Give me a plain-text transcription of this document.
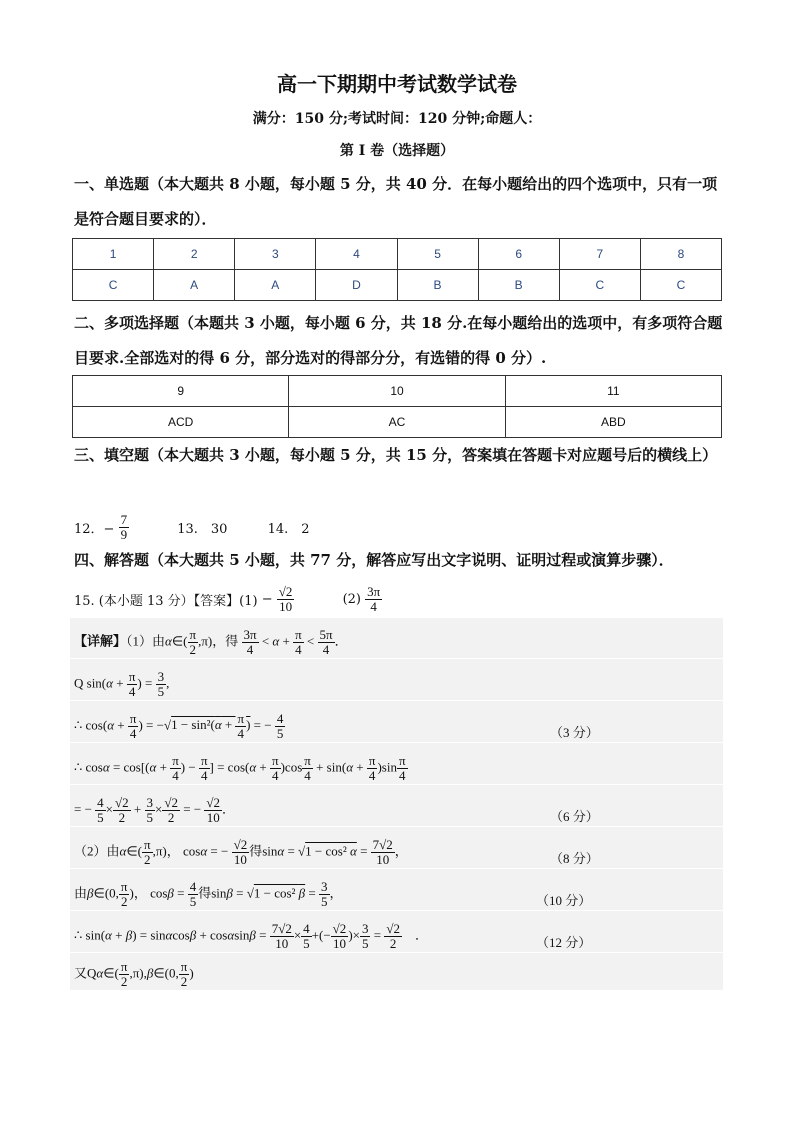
高一下期期中考试数学试卷
满分：150 分;考试时间：120 分钟;命题人：
第 I 卷（选择题）
一、单选题（本大题共 8 小题，每小题 5 分，共 40 分．在每小题给出的四个选项中，只有一项是符合题目要求的）．
1	2	3	4	5	6	7	8
C	A	A	D	B	B	C	C
二、多项选择题（本题共 3 小题，每小题 6 分，共 18 分.在每小题给出的选项中，有多项符合题目要求.全部选对的得 6 分，部分选对的得部分分，有选错的得 0 分）.
9	10	11
ACD	AC	ABD
三、填空题（本大题共 3 小题，每小题 5 分，共 15 分，答案填在答题卡对应题号后的横线上）
12．− $\frac{7}{9}$	13.　30	14.　2
四、解答题（本大题共 5 小题，共 77 分，解答应写出文字说明、证明过程或演算步骤）．
15. (本小题 13 分）【答案】$(1) - \frac{√2}{10}$	$(2) \frac{3\pi}{4}$
【详解】（1）由α∈( $\frac{\pi}{2} ,\pi$)，得 $\frac{3\pi}{4} < \alpha + \frac{\pi}{4} < \frac{5\pi}{4}$ ．
Q $\sin(\alpha + \frac{\pi}{4}$ ) = $\frac{3}{5}$ ,
∴ $\cos(\alpha + \frac{\pi}{4}$ ) = $-√1 - \sin^2(\alpha + \frac{\pi}{4}$ ) = − $\frac{4}{5}$	（3 分）
∴ $\cos\alpha = \cos[(\alpha + \frac{\pi}{4}$ ) − $\frac{\pi}{4}$ ] = $\cos(\alpha + \frac{\pi}{4} )\cos \frac{\pi}{4} + \sin(\alpha + \frac{\pi}{4} )\sin \frac{\pi}{4}$
= − $\frac{4}{5} \times \frac{√2}{2} + \frac{3}{5} \times \frac{√2}{2}$ = − $\frac{√2}{10}$ ．
（6 分）
（2）由α∈( $\frac{\pi}{2} ,\pi$)， cosα = − $\frac{√2}{10}$ 得sinα = √1 − cos² $\alpha = \frac{7√2}{10}$ ，
（8 分）
由β∈(0, $\frac{\pi}{2}$ )， $\cos\beta = \frac{4}{5}$ 得sinβ = √1 − cos² $\beta = \frac{3}{5}$ ，
（10 分）
∴ $\sin(\alpha + \beta) = \sin\alpha\cos\beta + \cos\alpha\sin\beta = \frac{7√2}{10} \times \frac{4}{5}$ +(− $\frac{√2}{10}$ )× $\frac{3}{5} = \frac{√2}{2}$ 　．
（12 分）
又Qα∈( $\frac{\pi}{2}$ ,π),β∈(0, $\frac{\pi}{2}$ )
